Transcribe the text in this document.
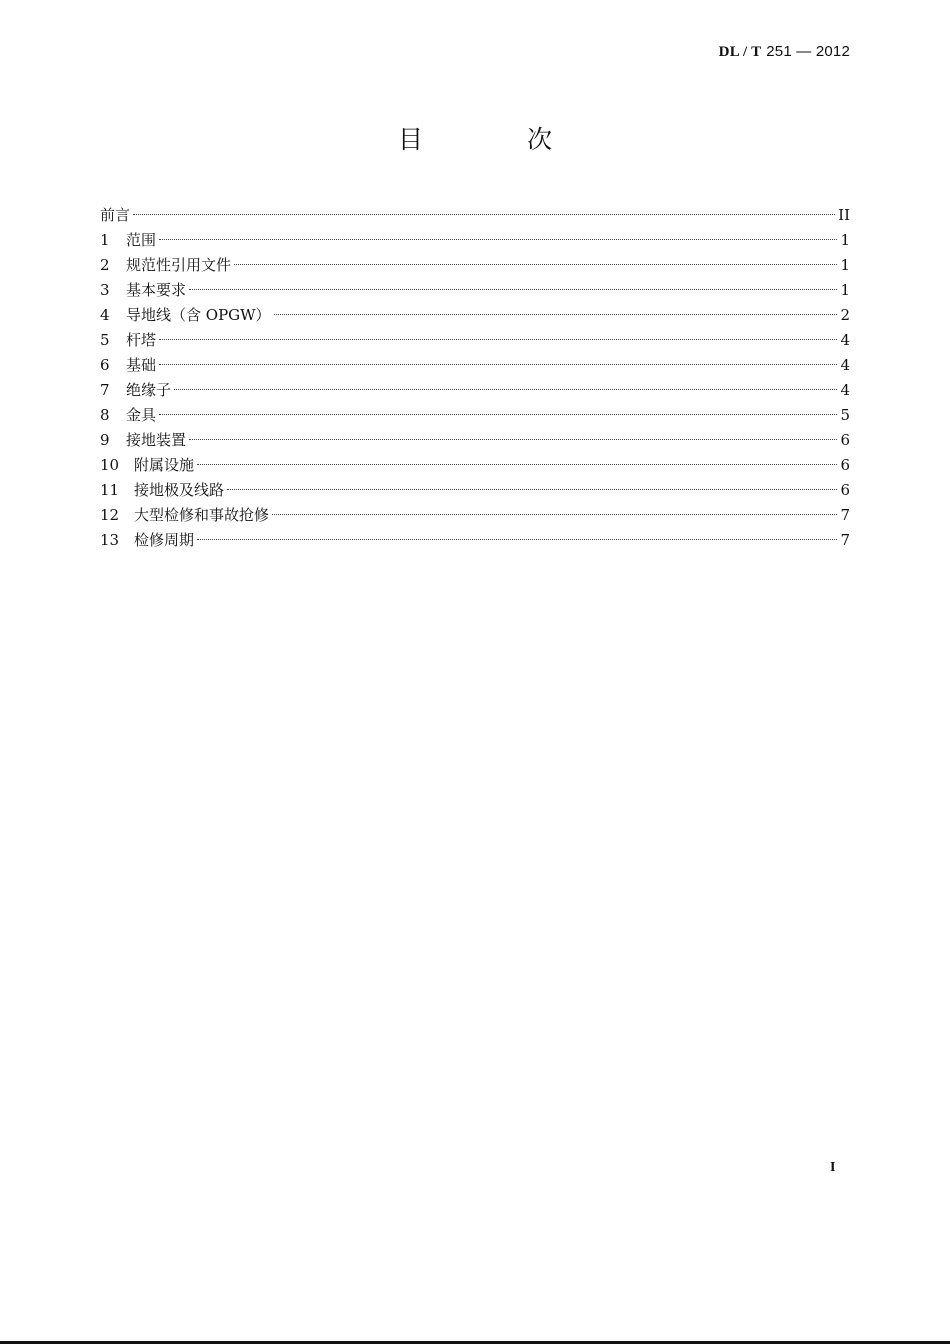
DL / T 251 — 2012
目 次
前言	II
1	范围	1
2	规范性引用文件	1
3	基本要求	1
4	导地线（含 OPGW）	2
5	杆塔	4
6	基础	4
7	绝缘子	4
8	金具	5
9	接地装置	6
10 附属设施	6
11 接地极及线路	6
12 大型检修和事故抢修	7
13 检修周期	7
I
